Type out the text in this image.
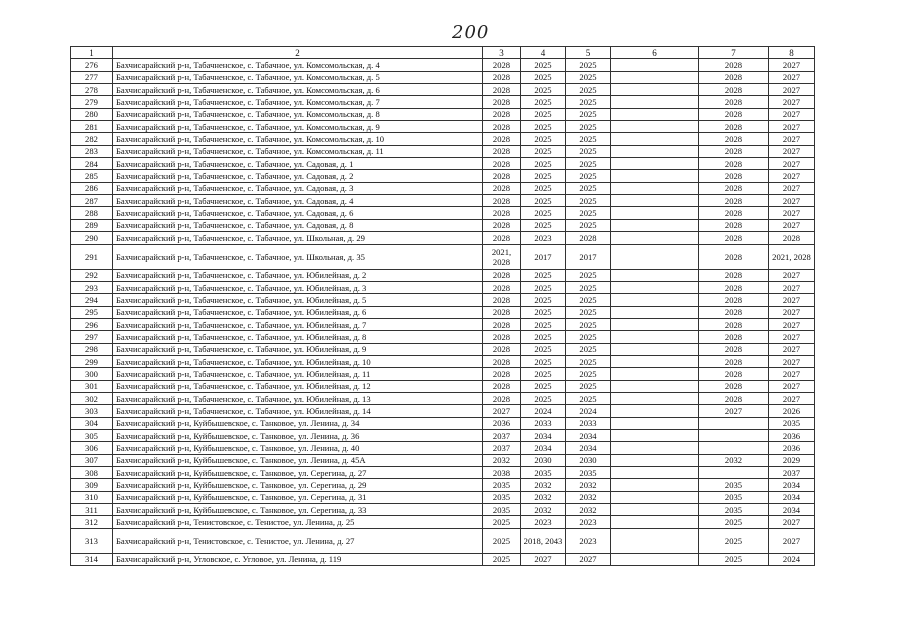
200
1	2	3	4	5	6	7	8
276	Бахчисарайский р-н, Табачненское, с. Табачное, ул. Комсомольская, д. 4	2028	2025	2025		2028	2027
277	Бахчисарайский р-н, Табачненское, с. Табачное, ул. Комсомольская, д. 5	2028	2025	2025		2028	2027
278	Бахчисарайский р-н, Табачненское, с. Табачное, ул. Комсомольская, д. 6	2028	2025	2025		2028	2027
279	Бахчисарайский р-н, Табачненское, с. Табачное, ул. Комсомольская, д. 7	2028	2025	2025		2028	2027
280	Бахчисарайский р-н, Табачненское, с. Табачное, ул. Комсомольская, д. 8	2028	2025	2025		2028	2027
281	Бахчисарайский р-н, Табачненское, с. Табачное, ул. Комсомольская, д. 9	2028	2025	2025		2028	2027
282	Бахчисарайский р-н, Табачненское, с. Табачное, ул. Комсомольская, д. 10	2028	2025	2025		2028	2027
283	Бахчисарайский р-н, Табачненское, с. Табачное, ул. Комсомольская, д. 11	2028	2025	2025		2028	2027
284	Бахчисарайский р-н, Табачненское, с. Табачное, ул. Садовая, д. 1	2028	2025	2025		2028	2027
285	Бахчисарайский р-н, Табачненское, с. Табачное, ул. Садовая, д. 2	2028	2025	2025		2028	2027
286	Бахчисарайский р-н, Табачненское, с. Табачное, ул. Садовая, д. 3	2028	2025	2025		2028	2027
287	Бахчисарайский р-н, Табачненское, с. Табачное, ул. Садовая, д. 4	2028	2025	2025		2028	2027
288	Бахчисарайский р-н, Табачненское, с. Табачное, ул. Садовая, д. 6	2028	2025	2025		2028	2027
289	Бахчисарайский р-н, Табачненское, с. Табачное, ул. Садовая, д. 8	2028	2025	2025		2028	2027
290	Бахчисарайский р-н, Табачненское, с. Табачное, ул. Школьная, д. 29	2028	2023	2028		2028	2028
291	Бахчисарайский р-н, Табачненское, с. Табачное, ул. Школьная, д. 35	2021, 2028	2017	2017		2028	2021, 2028
292	Бахчисарайский р-н, Табачненское, с. Табачное, ул. Юбилейная, д. 2	2028	2025	2025		2028	2027
293	Бахчисарайский р-н, Табачненское, с. Табачное, ул. Юбилейная, д. 3	2028	2025	2025		2028	2027
294	Бахчисарайский р-н, Табачненское, с. Табачное, ул. Юбилейная, д. 5	2028	2025	2025		2028	2027
295	Бахчисарайский р-н, Табачненское, с. Табачное, ул. Юбилейная, д. 6	2028	2025	2025		2028	2027
296	Бахчисарайский р-н, Табачненское, с. Табачное, ул. Юбилейная, д. 7	2028	2025	2025		2028	2027
297	Бахчисарайский р-н, Табачненское, с. Табачное, ул. Юбилейная, д. 8	2028	2025	2025		2028	2027
298	Бахчисарайский р-н, Табачненское, с. Табачное, ул. Юбилейная, д. 9	2028	2025	2025		2028	2027
299	Бахчисарайский р-н, Табачненское, с. Табачное, ул. Юбилейная, д. 10	2028	2025	2025		2028	2027
300	Бахчисарайский р-н, Табачненское, с. Табачное, ул. Юбилейная, д. 11	2028	2025	2025		2028	2027
301	Бахчисарайский р-н, Табачненское, с. Табачное, ул. Юбилейная, д. 12	2028	2025	2025		2028	2027
302	Бахчисарайский р-н, Табачненское, с. Табачное, ул. Юбилейная, д. 13	2028	2025	2025		2028	2027
303	Бахчисарайский р-н, Табачненское, с. Табачное, ул. Юбилейная, д. 14	2027	2024	2024		2027	2026
304	Бахчисарайский р-н, Куйбышевское, с. Танковое, ул. Ленина, д. 34	2036	2033	2033			2035
305	Бахчисарайский р-н, Куйбышевское, с. Танковое, ул. Ленина, д. 36	2037	2034	2034			2036
306	Бахчисарайский р-н, Куйбышевское, с. Танковое, ул. Ленина, д. 40	2037	2034	2034			2036
307	Бахчисарайский р-н, Куйбышевское, с. Танковое, ул. Ленина, д. 45А	2032	2030	2030		2032	2029
308	Бахчисарайский р-н, Куйбышевское, с. Танковое, ул. Серегина, д. 27	2038	2035	2035			2037
309	Бахчисарайский р-н, Куйбышевское, с. Танковое, ул. Серегина, д. 29	2035	2032	2032		2035	2034
310	Бахчисарайский р-н, Куйбышевское, с. Танковое, ул. Серегина, д. 31	2035	2032	2032		2035	2034
311	Бахчисарайский р-н, Куйбышевское, с. Танковое, ул. Серегина, д. 33	2035	2032	2032		2035	2034
312	Бахчисарайский р-н, Тенистовское, с. Тенистое, ул. Ленина, д. 25	2025	2023	2023		2025	2027
313	Бахчисарайский р-н, Тенистовское, с. Тенистое, ул. Ленина, д. 27	2025	2018, 2043	2023		2025	2027
314	Бахчисарайский р-н, Угловское, с. Угловое, ул. Ленина, д. 119	2025	2027	2027		2025	2024
